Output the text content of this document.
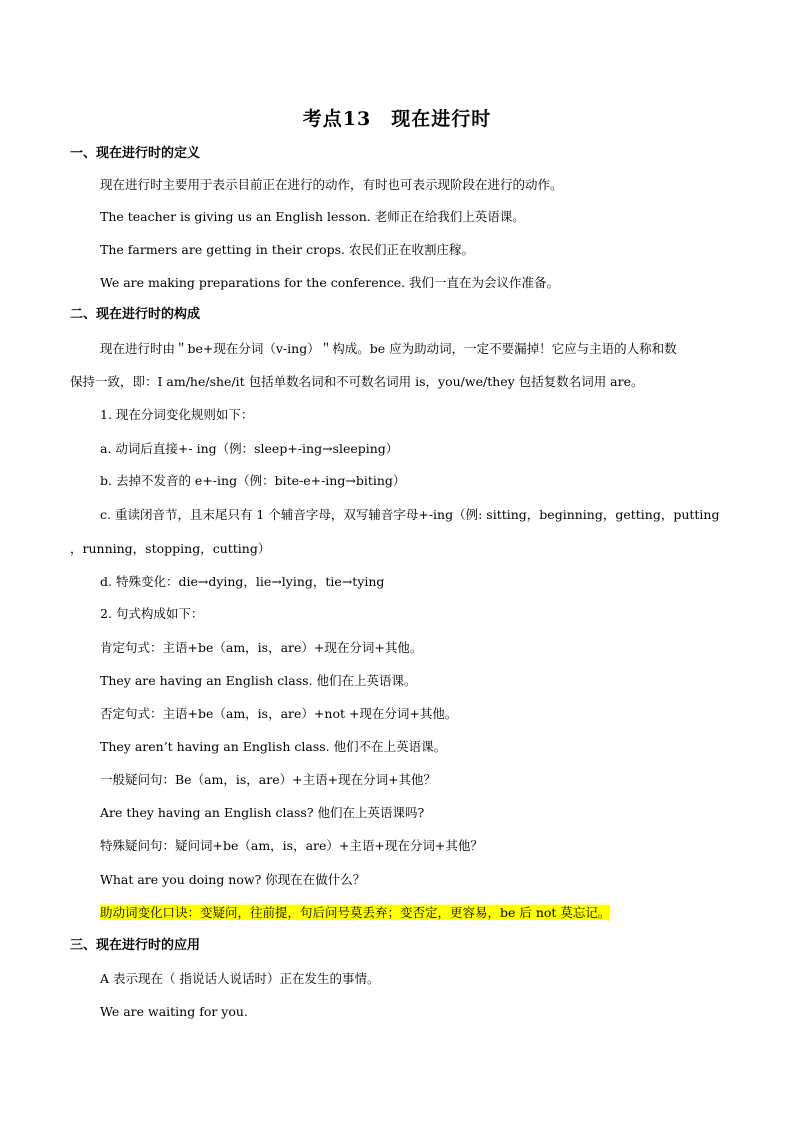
考点13　现在进行时
一、现在进行时的定义
现在进行时主要用于表示目前正在进行的动作，有时也可表示现阶段在进行的动作。
The teacher is giving us an English lesson. 老师正在给我们上英语课。
The farmers are getting in their crops. 农民们正在收割庄稼。
We are making preparations for the conference. 我们一直在为会议作准备。
二、现在进行时的构成
现在进行时由＂be+现在分词（v-ing）＂构成。be 应为助动词，一定不要漏掉！它应与主语的人称和数
保持一致，即：I am/he/she/it 包括单数名词和不可数名词用 is，you/we/they 包括复数名词用 are。
1. 现在分词变化规则如下：
a. 动词后直接+- ing（例：sleep+-ing→sleeping）
b. 去掉不发音的 e+-ing（例：bite-e+-ing→biting）
c. 重读闭音节，且末尾只有 1 个辅音字母，双写辅音字母+-ing（例: sitting，beginning，getting，putting
，running，stopping，cutting）
d. 特殊变化：die→dying，lie→lying，tie→tying
2. 句式构成如下：
肯定句式：主语+be（am，is，are）+现在分词+其他。
They are having an English class. 他们在上英语课。
否定句式：主语+be（am，is，are）+not +现在分词+其他。
They aren’t having an English class. 他们不在上英语课。
一般疑问句：Be（am，is，are）+主语+现在分词+其他？
Are they having an English class? 他们在上英语课吗?
特殊疑问句：疑问词+be（am，is，are）+主语+现在分词+其他？
What are you doing now? 你现在在做什么？
助动词变化口诀：变疑问，往前提，句后问号莫丢弃；变否定，更容易，be 后 not 莫忘记。
三、现在进行时的应用
A 表示现在（ 指说话人说话时）正在发生的事情。
We are waiting for you.
